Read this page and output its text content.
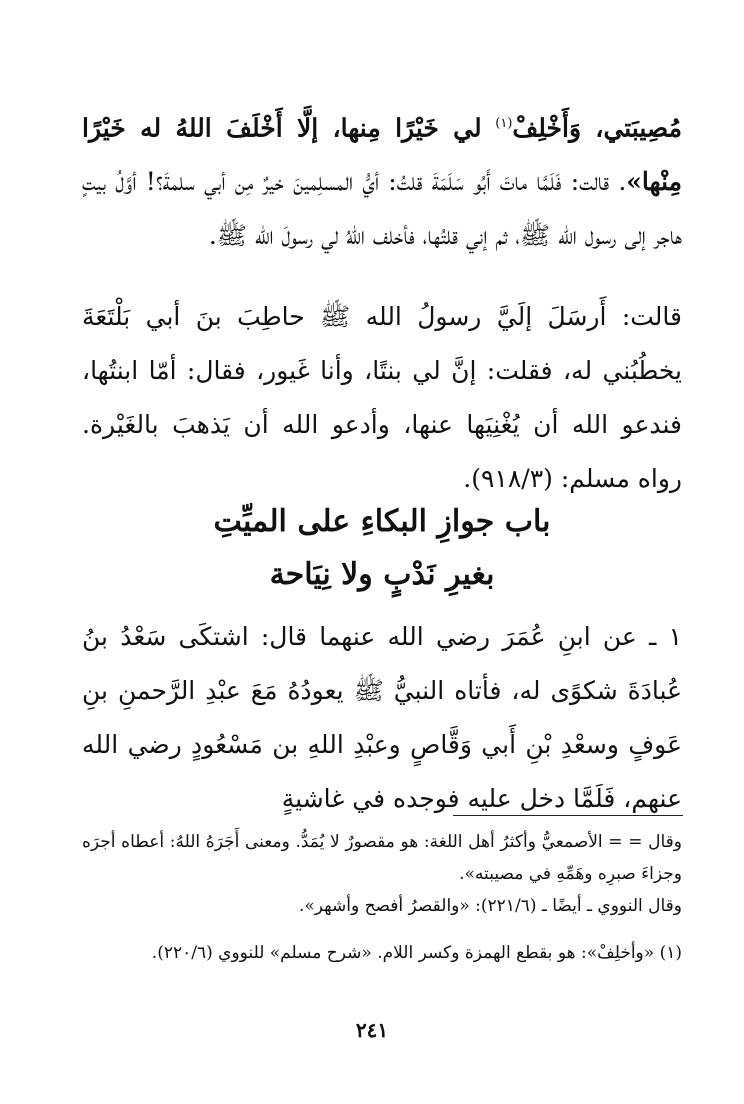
مُصِيبَتي، وَأَخْلِفْ$^{(١)}$ لي خَيْرًا مِنها، إلَّا أَخْلَفَ اللهُ له خَيْرًا مِنْها». قالت: فَلَمَّا ماتَ أَبُو سَلَمَةَ قلتُ: أيُّ المسلِمينَ خيرٌ مِن أبي سلمةَ؟! أوَّلُ بيتٍ هاجر إلى رسول الله ﷺ، ثم إني قلتُها، فأخلف اللهُ لي رسولَ الله ﷺ.
قالت: أَرسَلَ إلَيَّ رسولُ الله ﷺ حاطِبَ بنَ أبي بَلْتَعَةَ يخطُبُني له، فقلت: إنَّ لي بنتًا، وأنا غَيور، فقال: أمّا ابنتُها، فندعو الله أن يُغْنِيَها عنها، وأدعو الله أن يَذهبَ بالغَيْرة. رواه مسلم: (٩١٨/٣).
باب جوازِ البكاءِ على الميِّتِ
بغيرِ نَدْبٍ ولا نِيَاحة
١ ـ عن ابنِ عُمَرَ رضي الله عنهما قال: اشتكَى سَعْدُ بنُ عُبادَةَ شكوًى له، فأتاه النبيُّ ﷺ يعودُهُ مَعَ عبْدِ الرَّحمنِ بنِ عَوفٍ وسعْدِ بْنِ أَبي وَقَّاصٍ وعبْدِ اللهِ بن مَسْعُودٍ رضي الله عنهم، فَلَمَّا دخل عليه فوجده في غاشيةٍ
وقال = = الأصمعيُّ وأكثرُ أهل اللغة: هو مقصورٌ لا يُمَدُّ. ومعنى أَجَرَهُ اللهُ: أعطاه أجرَه وجزاءَ صبرِه وهَمِّهِ في مصيبته».
وقال النووي ـ أيضًا ـ (٢٢١/٦): «والقصرُ أفصح وأشهر».
(١) «وأخلِفْ»: هو بقطع الهمزة وكسر اللام. «شرح مسلم» للنووي (٢٢٠/٦).
٢٤١
